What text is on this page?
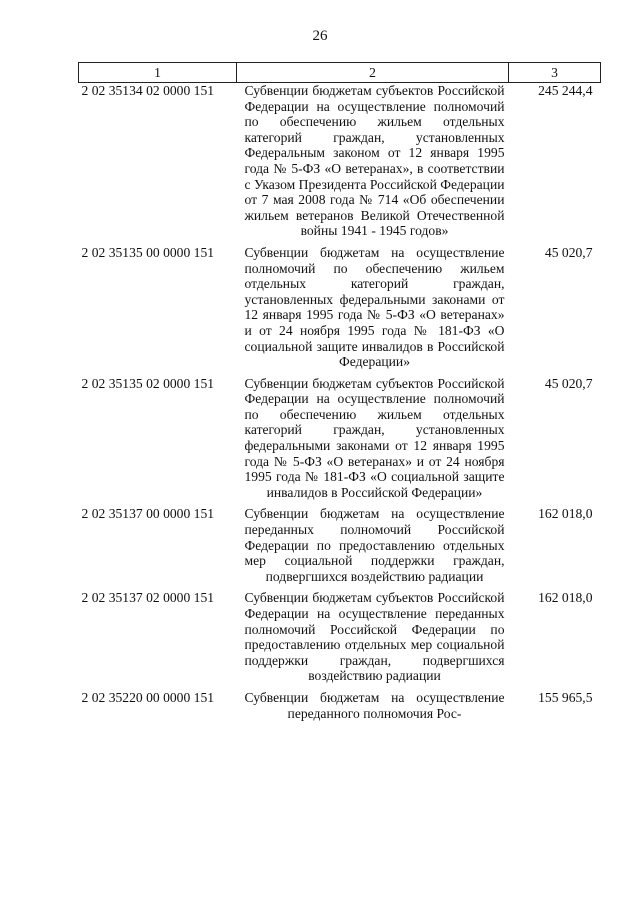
26
1	2	3
2 02 35134 02 0000 151	Субвенции бюджетам субъектов Российской Федерации на осуществление полномочий по обеспечению жильем отдельных категорий граждан, установленных Федеральным законом от 12 января 1995 года № 5-ФЗ «О ветеранах», в соответствии с Указом Президента Российской Федерации от 7 мая 2008 года № 714 «Об обеспечении жильем ветеранов Великой Отечественной войны 1941 - 1945 годов»	245 244,4
2 02 35135 00 0000 151	Субвенции бюджетам на осуществление полномочий по обеспечению жильем отдельных категорий граждан, установленных федеральными законами от 12 января 1995 года № 5-ФЗ «О ветеранах» и от 24 ноября 1995 года № 181-ФЗ «О социальной защите инвалидов в Российской Федерации»	45 020,7
2 02 35135 02 0000 151	Субвенции бюджетам субъектов Российской Федерации на осуществление полномочий по обеспечению жильем отдельных категорий граждан, установленных федеральными законами от 12 января 1995 года № 5-ФЗ «О ветеранах» и от 24 ноября 1995 года № 181-ФЗ «О социальной защите инвалидов в Российской Федерации»	45 020,7
2 02 35137 00 0000 151	Субвенции бюджетам на осуществление переданных полномочий Российской Федерации по предоставлению отдельных мер социальной поддержки граждан, подвергшихся воздействию радиации	162 018,0
2 02 35137 02 0000 151	Субвенции бюджетам субъектов Российской Федерации на осуществление переданных полномочий Российской Федерации по предоставлению отдельных мер социальной поддержки граждан, подвергшихся воздействию радиации	162 018,0
2 02 35220 00 0000 151	Субвенции бюджетам на осуществление переданного полномочия Рос-	155 965,5
